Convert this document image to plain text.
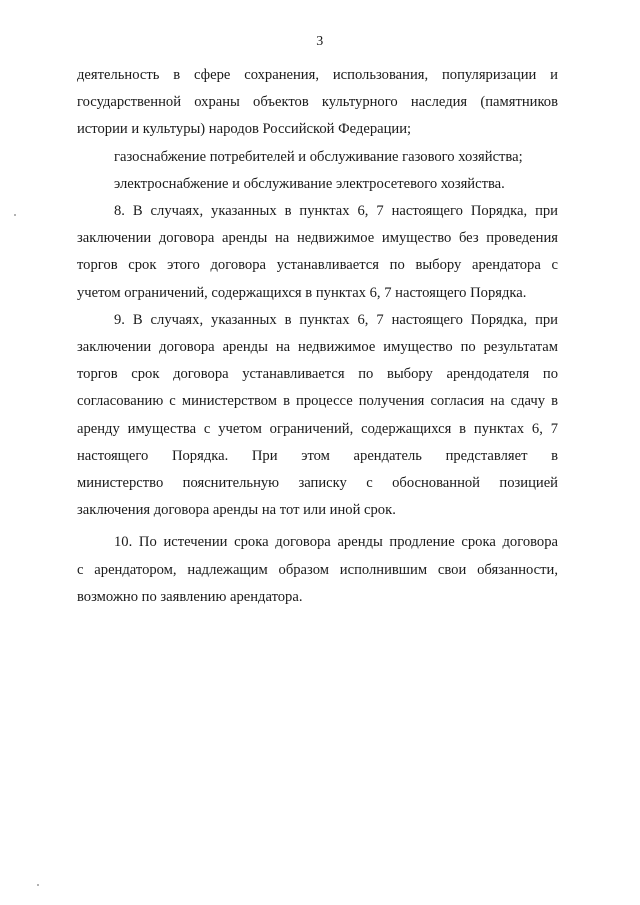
3
деятельность в сфере сохранения, использования, популяризации и
государственной охраны объектов культурного наследия (памятников
истории и культуры) народов Российской Федерации;
газоснабжение потребителей и обслуживание газового хозяйства;
электроснабжение и обслуживание электросетевого хозяйства.
8. В случаях, указанных в пунктах 6, 7 настоящего Порядка, при
заключении договора аренды на недвижимое имущество без проведения
торгов срок этого договора устанавливается по выбору арендатора с
учетом ограничений, содержащихся в пунктах 6, 7 настоящего Порядка.
9. В случаях, указанных в пунктах 6, 7 настоящего Порядка, при
заключении договора аренды на недвижимое имущество по результатам
торгов срок договора устанавливается по выбору арендодателя по
согласованию с министерством в процессе получения согласия на сдачу в
аренду имущества с учетом ограничений, содержащихся в пунктах 6, 7
настоящего Порядка. При этом арендатель представляет в
министерство пояснительную записку с обоснованной позицией
заключения договора аренды на тот или иной срок.
10. По истечении срока договора аренды продление срока договора
с арендатором, надлежащим образом исполнившим свои обязанности,
возможно по заявлению арендатора.
